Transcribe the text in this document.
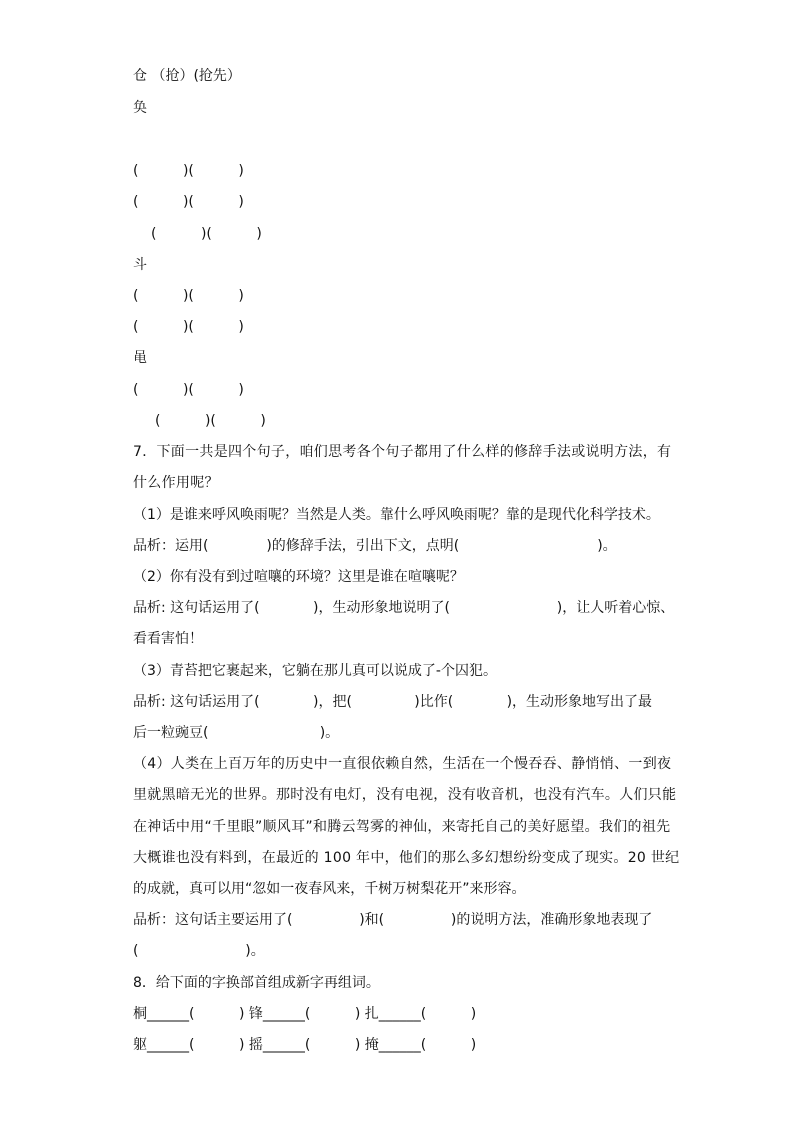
仓 （抢）(抢先）
奂
(          )(          )
(          )(          )
(          )(          )
斗
(          )(          )
(          )(          )
黾
(          )(          )
(          )(          )
7．下面一共是四个句子，咱们思考各个句子都用了什么样的修辞手法或说明方法，有
什么作用呢？
（1）是谁来呼风唤雨呢？当然是人类。靠什么呼风唤雨呢？靠的是现代化科学技术。
品析：运用(             )的修辞手法，引出下文，点明(                               )。
（2）你有没有到过喧嚷的环境？这里是谁在喧嚷呢？
品析: 这句话运用了(            )，生动形象地说明了(                        )，让人听着心惊、
看看害怕！
（3）青苔把它裹起来，它躺在那儿真可以说成了-个囚犯。
品析: 这句话运用了(            )，把(              )比作(            )，生动形象地写出了最
后一粒豌豆(                         )。
（4）人类在上百万年的历史中一直很依赖自然，生活在一个慢吞吞、静悄悄、一到夜
里就黑暗无光的世界。那时没有电灯，没有电视，没有收音机，也没有汽车。人们只能
在神话中用“千里眼”顺风耳”和腾云驾雾的神仙，来寄托自己的美好愿望。我们的祖先
大概谁也没有料到，在最近的 100 年中，他们的那么多幻想纷纷变成了现实。20 世纪
的成就，真可以用“忽如一夜春风来，千树万树梨花开”来形容。
品析：这句话主要运用了(               )和(               )的说明方法，准确形象地表现了
(                        )。
8．给下面的字换部首组成新字再组词。
桐______(          ) 锋______(          ) 扎______(          )
躯______(          ) 摇______(          ) 掩______(          )
